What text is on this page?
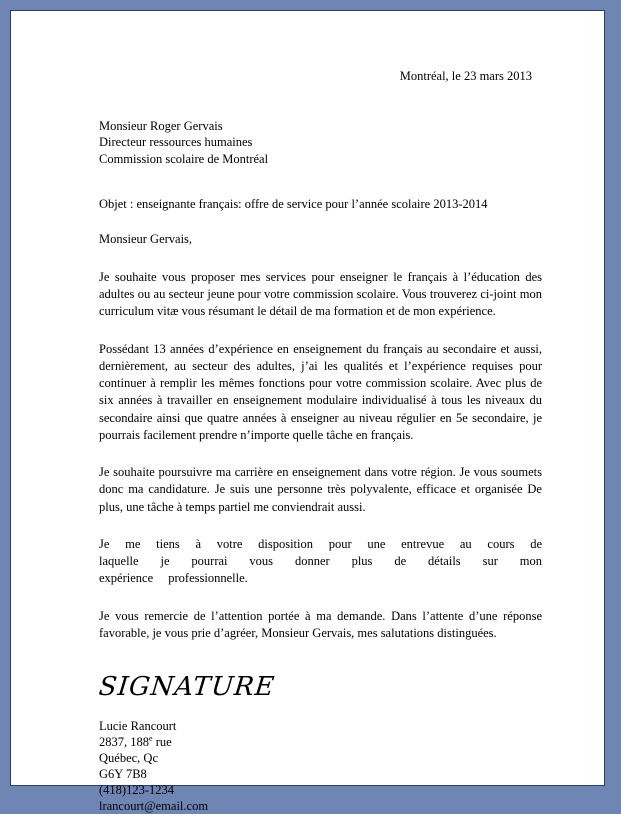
Montréal, le 23 mars 2013

Monsieur Roger Gervais
Directeur ressources humaines
Commission scolaire de Montréal

Objet : enseignante français: offre de service pour l’année scolaire 2013-2014

Monsieur Gervais,

Je souhaite vous proposer mes services pour enseigner le français à l’éducation des adultes ou au secteur jeune pour votre commission scolaire. Vous trouverez ci-joint mon curriculum vitæ vous résumant le détail de ma formation et de mon expérience.

Possédant 13 années d’expérience en enseignement du français au secondaire et aussi, dernièrement, au secteur des adultes, j’ai les qualités et l’expérience requises pour continuer à remplir les mêmes fonctions pour votre commission scolaire. Avec plus de six années à travailler en enseignement modulaire individualisé à tous les niveaux du secondaire ainsi que quatre années à enseigner au niveau régulier en 5e secondaire, je pourrais facilement prendre n’importe quelle tâche en français.

Je souhaite poursuivre ma carrière en enseignement dans votre région. Je vous soumets donc ma candidature. Je suis une personne très polyvalente, efficace et organisée De plus, une tâche à temps partiel me conviendrait aussi.

Je me tiens à votre disposition pour une entrevue au cours de laquelle je pourrai vous donner plus de détails sur mon expérience professionnelle.

Je vous remercie de l’attention portée à ma demande. Dans l’attente d’une réponse favorable, je vous prie d’agréer, Monsieur Gervais, mes salutations distinguées.

SIGNATURE
Lucie Rancourt
2837, 188e rue
Québec, Qc
G6Y 7B8
(418)123-1234
lrancourt@email.com
